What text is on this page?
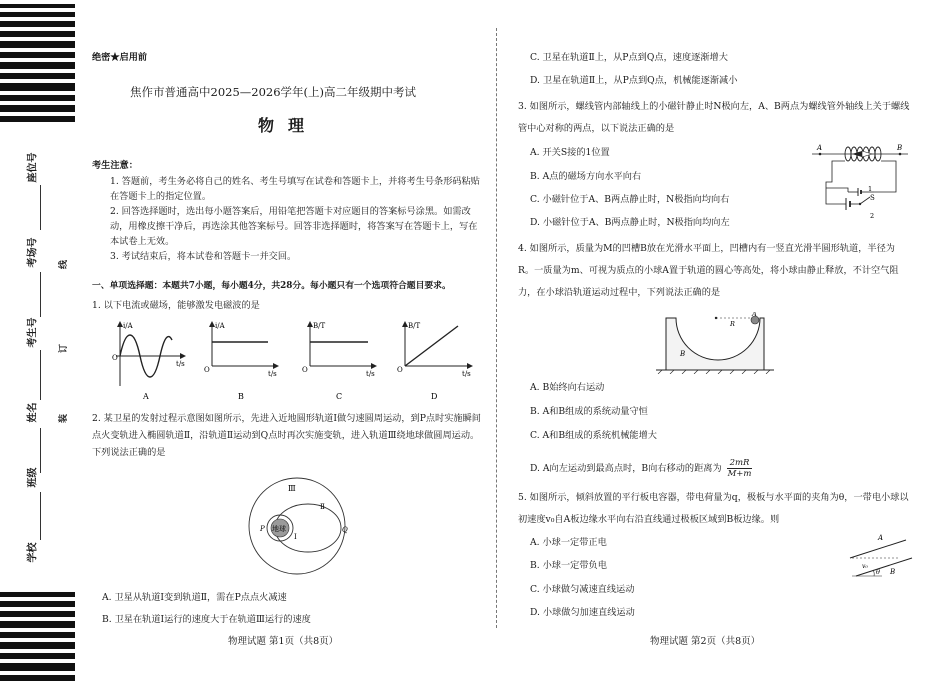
座位号
考场号
考生号
姓名
班级
学校
线
订
装
绝密★启用前
焦作市普通高中2025—2026学年(上)高二年级期中考试
物理
考生注意：
1. 答题前，考生务必将自己的姓名、考生号填写在试卷和答题卡上，并将考生号条形码粘贴在答题卡上的指定位置。
2. 回答选择题时，选出每小题答案后，用铅笔把答题卡对应题目的答案标号涂黑。如需改动，用橡皮擦干净后，再选涂其他答案标号。回答非选择题时，将答案写在答题卡上，写在本试卷上无效。
3. 考试结束后，将本试卷和答题卡一并交回。
一、单项选择题：本题共7小题，每小题4分，共28分。每小题只有一个选项符合题目要求。
1. 以下电流或磁场，能够激发电磁波的是
i/A
t/s
O
A
i/A
t/s
O
B
B/T
t/s
O
C
B/T
t/s
O
D
2. 某卫星的发射过程示意图如图所示，先进入近地圆形轨道Ⅰ做匀速圆周运动，到P点时实施瞬间点火变轨进入椭圆轨道Ⅱ，沿轨道Ⅱ运动到Q点时再次实施变轨，进入轨道Ⅲ绕地球做圆周运动。下列说法正确的是
地球
Ⅲ
Ⅰ
Ⅱ
P	Q
A. 卫星从轨道Ⅰ变到轨道Ⅱ，需在P点点火减速
B. 卫星在轨道Ⅰ运行的速度大于在轨道Ⅲ运行的速度
物理试题 第1页（共8页）
C. 卫星在轨道Ⅱ上，从P点到Q点，速度逐渐增大
D. 卫星在轨道Ⅱ上，从P点到Q点，机械能逐渐减小
3. 如图所示，螺线管内部轴线上的小磁针静止时N极向左，A、B两点为螺线管外轴线上关于螺线管中心对称的两点，以下说法正确的是
A. 开关S接的1位置
B. A点的磁场方向水平向右
C. 小磁针位于A、B两点静止时，N极指向均向右
D. 小磁针位于A、B两点静止时，N极指向均向左
A	B
S
1
2
4. 如图所示，质量为M的凹槽B放在光滑水平面上，凹槽内有一竖直光滑半圆形轨道，半径为R。一质量为m、可视为质点的小球A置于轨道的圆心等高处，将小球由静止释放，不计空气阻力，在小球沿轨道运动过程中，下列说法正确的是
A
R
B
A. B始终向右运动
B. A和B组成的系统动量守恒
C. A和B组成的系统机械能增大
D. A向左运动到最高点时，B向右移动的距离为 $\frac{2mR}{M+m}$
5. 如图所示，倾斜放置的平行板电容器，带电荷量为q，极板与水平面的夹角为θ，一带电小球以初速度v₀自A板边缘水平向右沿直线通过极板区域到B板边缘。则
A. 小球一定带正电
B. 小球一定带负电
C. 小球做匀减速直线运动
D. 小球做匀加速直线运动
θ
A
B
v₀
物理试题 第2页（共8页）
